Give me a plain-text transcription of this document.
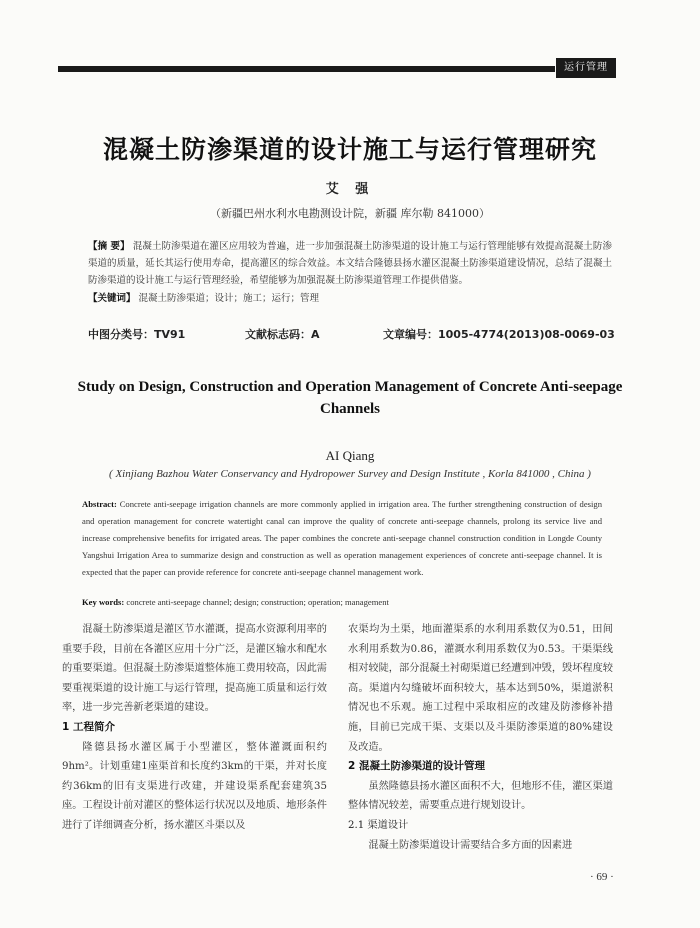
运行管理
混凝土防渗渠道的设计施工与运行管理研究
艾 强
（新疆巴州水利水电勘测设计院，新疆 库尔勒 841000）
【摘 要】 混凝土防渗渠道在灌区应用较为普遍，进一步加强混凝土防渗渠道的设计施工与运行管理能够有效提高混凝土防渗渠道的质量，延长其运行使用寿命，提高灌区的综合效益。本文结合隆德县扬水灌区混凝土防渗渠道建设情况，总结了混凝土防渗渠道的设计施工与运行管理经验，希望能够为加强混凝土防渗渠道管理工作提供借鉴。
【关键词】 混凝土防渗渠道；设计；施工；运行；管理
中图分类号：TV91	文献标志码：A	文章编号：1005-4774(2013)08-0069-03
Study on Design, Construction and Operation Management of Concrete Anti-seepage Channels
AI Qiang
( Xinjiang Bazhou Water Conservancy and Hydropower Survey and Design Institute , Korla 841000 , China )
Abstract: Concrete anti-seepage irrigation channels are more commonly applied in irrigation area. The further strengthening construction of design and operation management for concrete watertight canal can improve the quality of concrete anti-seepage channels, prolong its service live and increase comprehensive benefits for irrigated areas. The paper combines the concrete anti-seepage channel construction condition in Longde County Yangshui Irrigation Area to summarize design and construction as well as operation management experiences of concrete anti-seepage channel. It is expected that the paper can provide reference for concrete anti-seepage channel management work.
Key words: concrete anti-seepage channel; design; construction; operation; management

混凝土防渗渠道是灌区节水灌溉，提高水资源利用率的重要手段，目前在各灌区应用十分广泛，是灌区输水和配水的重要渠道。但混凝土防渗渠道整体施工费用较高，因此需要重视渠道的设计施工与运行管理，提高施工质量和运行效率，进一步完善新老渠道的建设。

1 工程简介

隆德县扬水灌区属于小型灌区，整体灌溉面积约9hm²。计划重建1座渠首和长度约3km的干渠，并对长度约36km的旧有支渠进行改建，并建设渠系配套建筑35座。工程设计前对灌区的整体运行状况以及地质、地形条件进行了详细调查分析，扬水灌区斗渠以及

农渠均为土渠，地面灌渠系的水利用系数仅为0.51，田间水利用系数为0.86，灌溉水利用系数仅为0.53。干渠渠线相对较陡，部分混凝土衬砌渠道已经遭到冲毁，毁坏程度较高。渠道内勾缝破坏面积较大，基本达到50%，渠道淤积情况也不乐观。施工过程中采取相应的改建及防渗修补措施，目前已完成干渠、支渠以及斗渠防渗渠道的80%建设及改造。

2 混凝土防渗渠道的设计管理

虽然隆德县扬水灌区面积不大，但地形不佳，灌区渠道整体情况较差，需要重点进行规划设计。

2.1 渠道设计

混凝土防渗渠道设计需要结合多方面的因素进

· 69 ·
